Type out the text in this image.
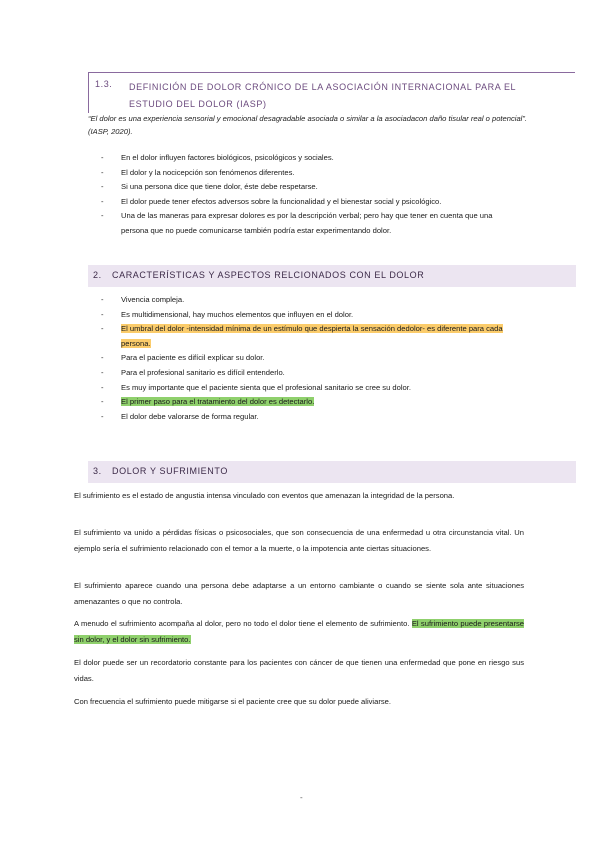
1.3. DEFINICIÓN DE DOLOR CRÓNICO DE LA ASOCIACIÓN INTERNACIONAL PARA EL ESTUDIO DEL DOLOR (IASP)
“El dolor es una experiencia sensorial y emocional desagradable asociada o similar a la asociadacon daño tisular real o potencial”. (IASP, 2020).
- En el dolor influyen factores biológicos, psicológicos y sociales.
- El dolor y la nocicepción son fenómenos diferentes.
- Si una persona dice que tiene dolor, éste debe respetarse.
- El dolor puede tener efectos adversos sobre la funcionalidad y el bienestar social y psicológico.
- Una de las maneras para expresar dolores es por la descripción verbal; pero hay que tener en cuenta que una persona que no puede comunicarse también podría estar experimentando dolor.
2. CARACTERÍSTICAS Y ASPECTOS RELCIONADOS CON EL DOLOR
- Vivencia compleja.
- Es multidimensional, hay muchos elementos que influyen en el dolor.
- El umbral del dolor -intensidad mínima de un estímulo que despierta la sensación dedolor- es diferente para cada persona.
- Para el paciente es difícil explicar su dolor.
- Para el profesional sanitario es difícil entenderlo.
- Es muy importante que el paciente sienta que el profesional sanitario se cree su dolor.
- El primer paso para el tratamiento del dolor es detectarlo.
- El dolor debe valorarse de forma regular.
3. DOLOR Y SUFRIMIENTO
El sufrimiento es el estado de angustia intensa vinculado con eventos que amenazan la integridad de la persona.
El sufrimiento va unido a pérdidas físicas o psicosociales, que son consecuencia de una enfermedad u otra circunstancia vital. Un ejemplo sería el sufrimiento relacionado con el temor a la muerte, o la impotencia ante ciertas situaciones.
El sufrimiento aparece cuando una persona debe adaptarse a un entorno cambiante o cuando se siente sola ante situaciones amenazantes o que no controla.
A menudo el sufrimiento acompaña al dolor, pero no todo el dolor tiene el elemento de sufrimiento. El sufrimiento puede presentarse sin dolor, y el dolor sin sufrimiento.
El dolor puede ser un recordatorio constante para los pacientes con cáncer de que tienen una enfermedad que pone en riesgo sus vidas.
Con frecuencia el sufrimiento puede mitigarse si el paciente cree que su dolor puede aliviarse.
-
